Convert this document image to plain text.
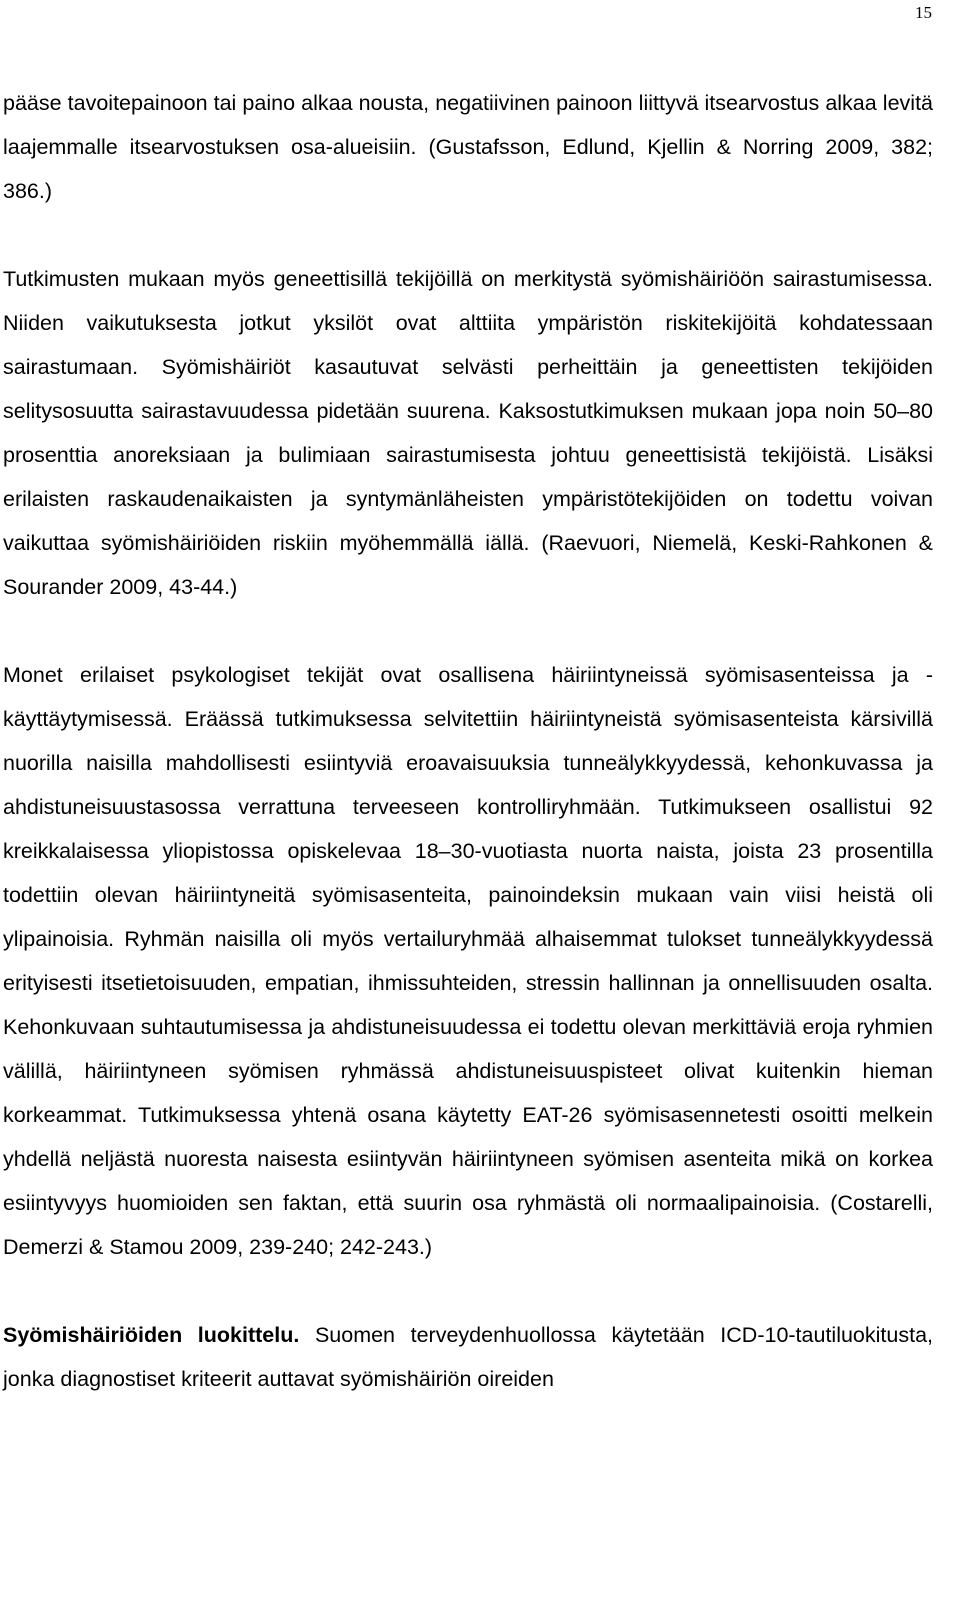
15

pääse tavoitepainoon tai paino alkaa nousta, negatiivinen painoon liittyvä itsearvostus alkaa levitä laajemmalle itsearvostuksen osa-alueisiin. (Gustafsson, Edlund, Kjellin & Norring 2009, 382; 386.)

Tutkimusten mukaan myös geneettisillä tekijöillä on merkitystä syömishäiriöön sairastumisessa. Niiden vaikutuksesta jotkut yksilöt ovat alttiita ympäristön riskitekijöitä kohdatessaan sairastumaan. Syömishäiriöt kasautuvat selvästi perheittäin ja geneettisten tekijöiden selitysosuutta sairastavuudessa pidetään suurena. Kaksostutkimuksen mukaan jopa noin 50–80 prosenttia anoreksiaan ja bulimiaan sairastumisesta johtuu geneettisistä tekijöistä. Lisäksi erilaisten raskaudenaikaisten ja syntymänläheisten ympäristötekijöiden on todettu voivan vaikuttaa syömishäiriöiden riskiin myöhemmällä iällä. (Raevuori, Niemelä, Keski-Rahkonen & Sourander 2009, 43-44.)

Monet erilaiset psykologiset tekijät ovat osallisena häiriintyneissä syömisasenteissa ja -käyttäytymisessä. Eräässä tutkimuksessa selvitettiin häiriintyneistä syömisasenteista kärsivillä nuorilla naisilla mahdollisesti esiintyviä eroavaisuuksia tunneälykkyydessä, kehonkuvassa ja ahdistuneisuustasossa verrattuna terveeseen kontrolliryhmään. Tutkimukseen osallistui 92 kreikkalaisessa yliopistossa opiskelevaa 18–30-vuotiasta nuorta naista, joista 23 prosentilla todettiin olevan häiriintyneitä syömisasenteita, painoindeksin mukaan vain viisi heistä oli ylipainoisia. Ryhmän naisilla oli myös vertailuryhmää alhaisemmat tulokset tunneälykkyydessä erityisesti itsetietoisuuden, empatian, ihmissuhteiden, stressin hallinnan ja onnellisuuden osalta. Kehonkuvaan suhtautumisessa ja ahdistuneisuudessa ei todettu olevan merkittäviä eroja ryhmien välillä, häiriintyneen syömisen ryhmässä ahdistuneisuuspisteet olivat kuitenkin hieman korkeammat. Tutkimuksessa yhtenä osana käytetty EAT-26 syömisasennetesti osoitti melkein yhdellä neljästä nuoresta naisesta esiintyvän häiriintyneen syömisen asenteita mikä on korkea esiintyvyys huomioiden sen faktan, että suurin osa ryhmästä oli normaalipainoisia. (Costarelli, Demerzi & Stamou 2009, 239-240; 242-243.)

Syömishäiriöiden luokittelu. Suomen terveydenhuollossa käytetään ICD-10-tautiluokitusta, jonka diagnostiset kriteerit auttavat syömishäiriön oireiden
